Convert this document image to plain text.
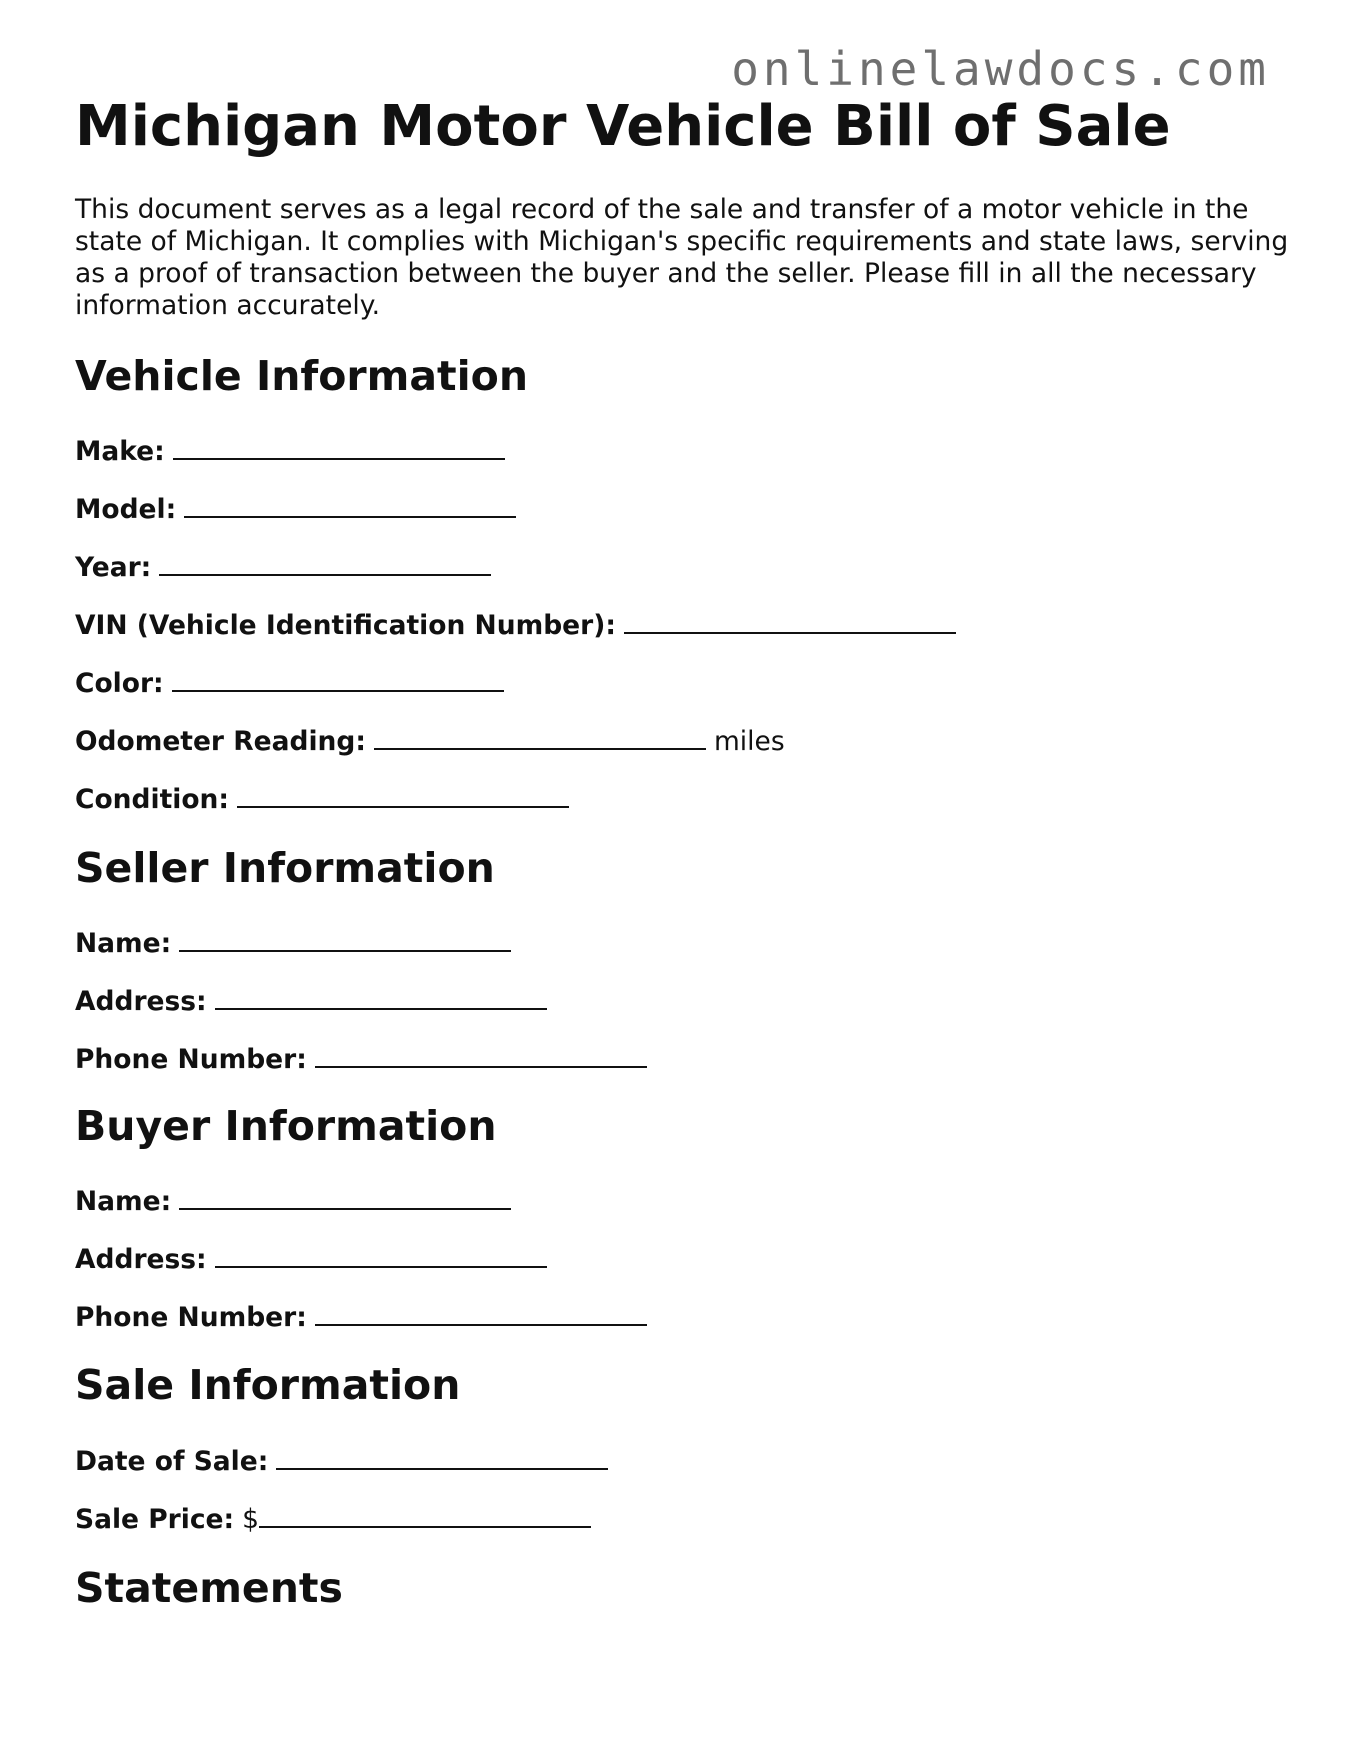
onlinelawdocs.com
Michigan Motor Vehicle Bill of Sale

This document serves as a legal record of the sale and transfer of a motor vehicle in the state of Michigan. It complies with Michigan's specific requirements and state laws, serving as a proof of transaction between the buyer and the seller. Please fill in all the necessary information accurately.

Vehicle Information
Make:
Model:
Year:
VIN (Vehicle Identification Number):
Color:
Odometer Reading:	miles
Condition:
Seller Information
Name:
Address:
Phone Number:
Buyer Information
Name:
Address:
Phone Number:
Sale Information
Date of Sale:
Sale Price: $
Statements
